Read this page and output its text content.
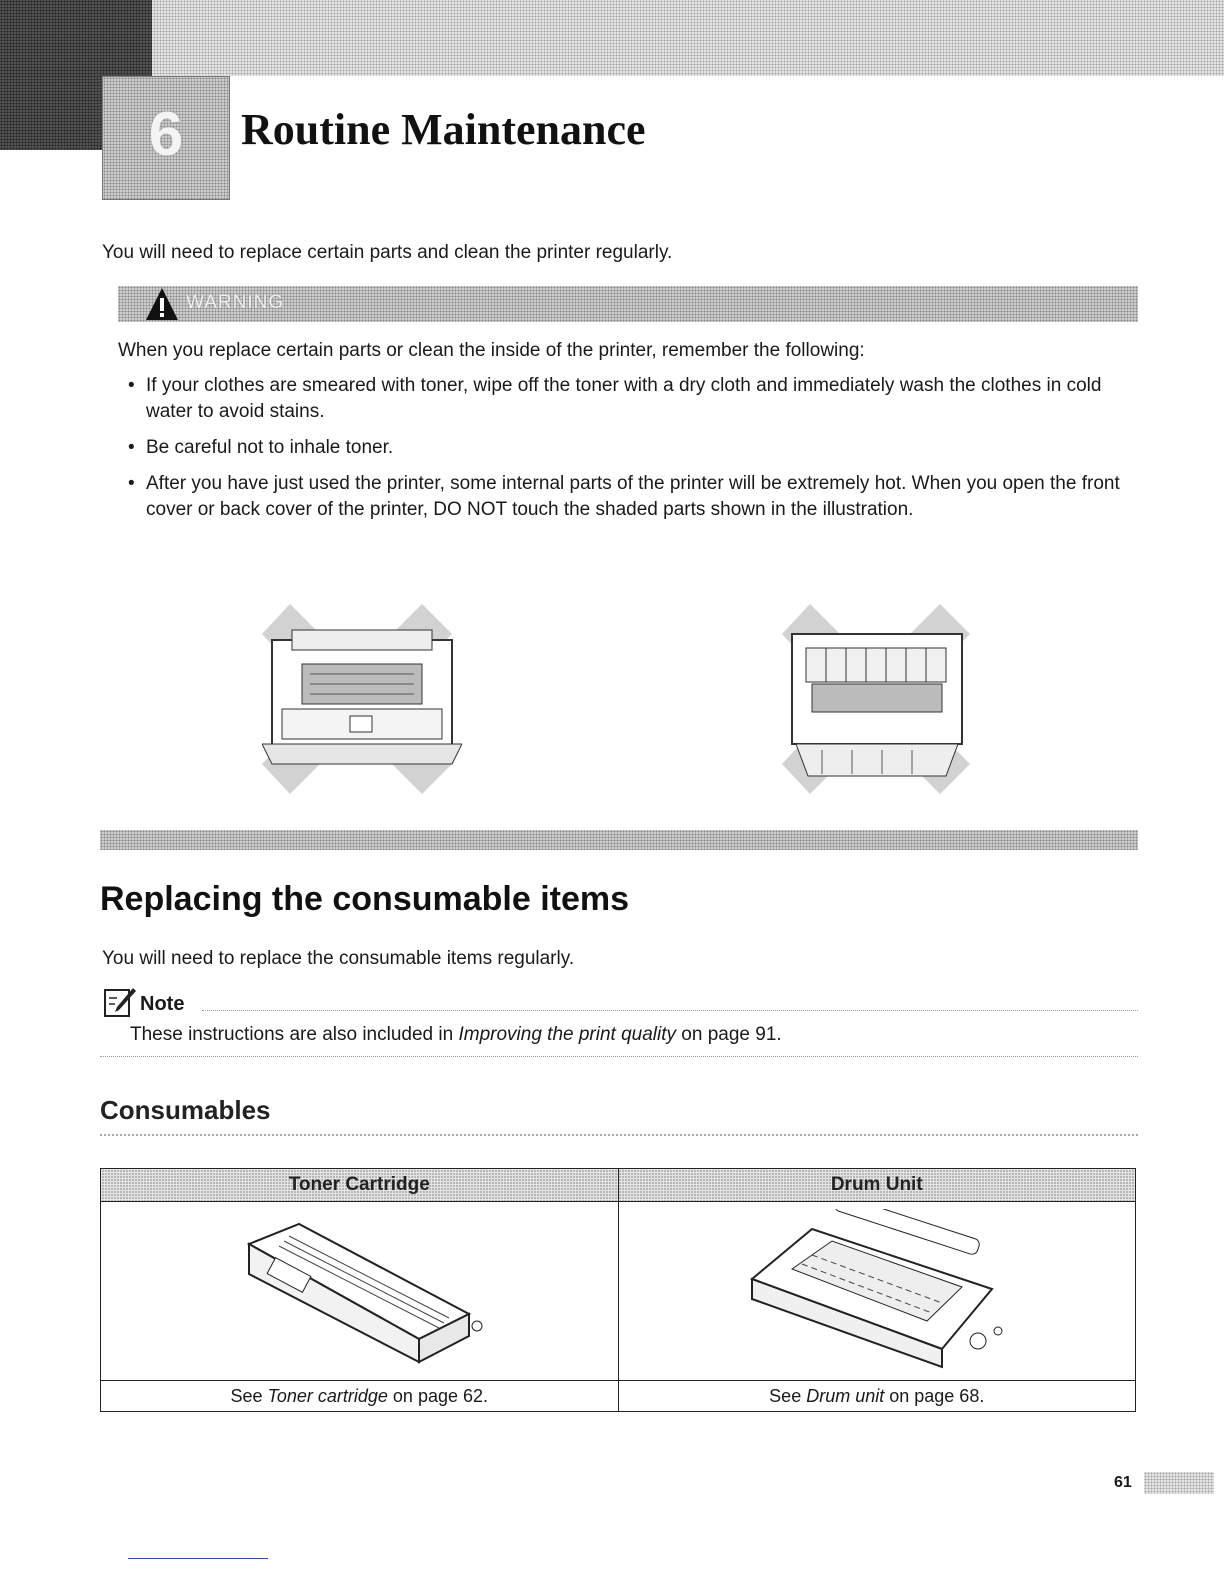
6	Routine Maintenance

You will need to replace certain parts and clean the printer regularly.

WARNING

When you replace certain parts or clean the inside of the printer, remember the following:

• If your clothes are smeared with toner, wipe off the toner with a dry cloth and immediately wash the clothes in cold water to avoid stains.
• Be careful not to inhale toner.
• After you have just used the printer, some internal parts of the printer will be extremely hot. When you open the front cover or back cover of the printer, DO NOT touch the shaded parts shown in the illustration.
Replacing the consumable items

You will need to replace the consumable items regularly.

Note

These instructions are also included in Improving the print quality on page 91.

Consumables
Toner Cartridge	Drum Unit

See Toner cartridge on page 62.	See Drum unit on page 68.
61
